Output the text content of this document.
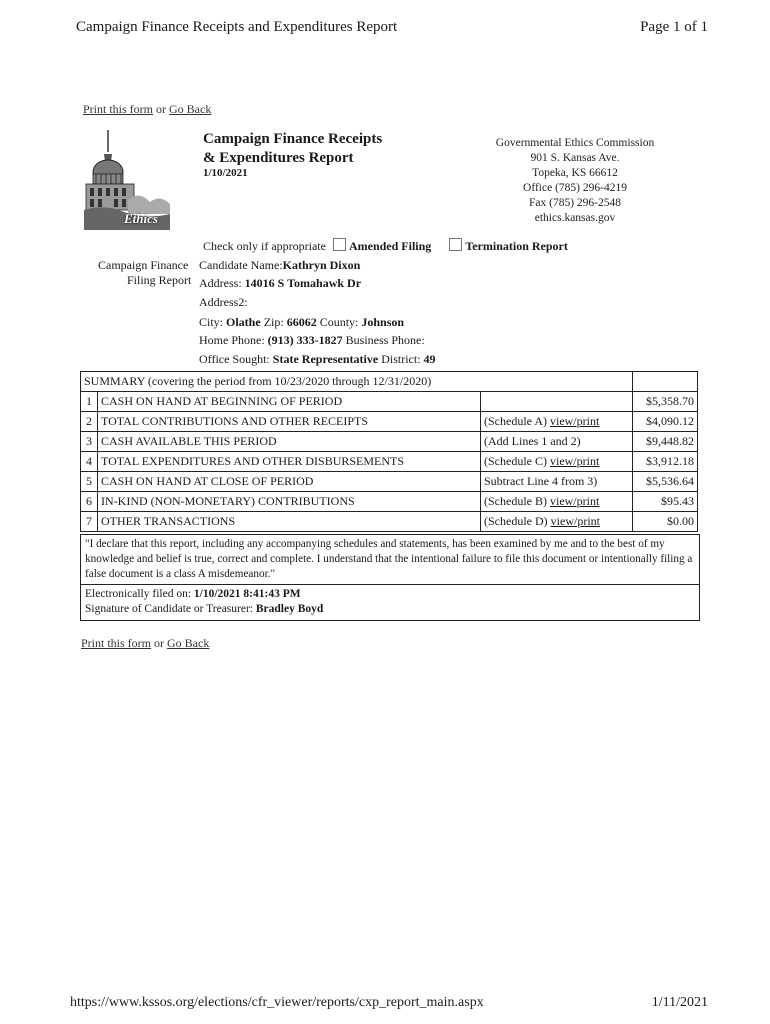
Campaign Finance Receipts and Expenditures Report	Page 1 of 1
Print this form or Go Back
Ethics
Campaign Finance Receipts
& Expenditures Report
1/10/2021
Governmental Ethics Commission
901 S. Kansas Ave.
Topeka, KS 66612
Office (785) 296-4219
Fax (785) 296-2548
ethics.kansas.gov
Check only if appropriate Amended Filing	Termination Report
Campaign Finance
Filing Report
Candidate Name:Kathryn Dixon
Address: 14016 S Tomahawk Dr
Address2:
City: Olathe Zip: 66062 County: Johnson
Home Phone: (913) 333-1827 Business Phone:
Office Sought: State Representative District: 49
SUMMARY (covering the period from 10/23/2020 through 12/31/2020)			
1	CASH ON HAND AT BEGINNING OF PERIOD		$5,358.70
2	TOTAL CONTRIBUTIONS AND OTHER RECEIPTS	(Schedule A) view/print	$4,090.12
3	CASH AVAILABLE THIS PERIOD	(Add Lines 1 and 2)	$9,448.82
4	TOTAL EXPENDITURES AND OTHER DISBURSEMENTS	(Schedule C) view/print	$3,912.18
5	CASH ON HAND AT CLOSE OF PERIOD	Subtract Line 4 from 3)	$5,536.64
6	IN-KIND (NON-MONETARY) CONTRIBUTIONS	(Schedule B) view/print	$95.43
7	OTHER TRANSACTIONS	(Schedule D) view/print	$0.00
"I declare that this report, including any accompanying schedules and statements, has been examined by me and to the best of my knowledge and belief is true, correct and complete. I understand that the intentional failure to file this document or intentionally filing a false document is a class A misdemeanor."
Electronically filed on: 1/10/2021 8:41:43 PM
Signature of Candidate or Treasurer: Bradley Boyd
Print this form or Go Back
https://www.kssos.org/elections/cfr_viewer/reports/cxp_report_main.aspx	1/11/2021
